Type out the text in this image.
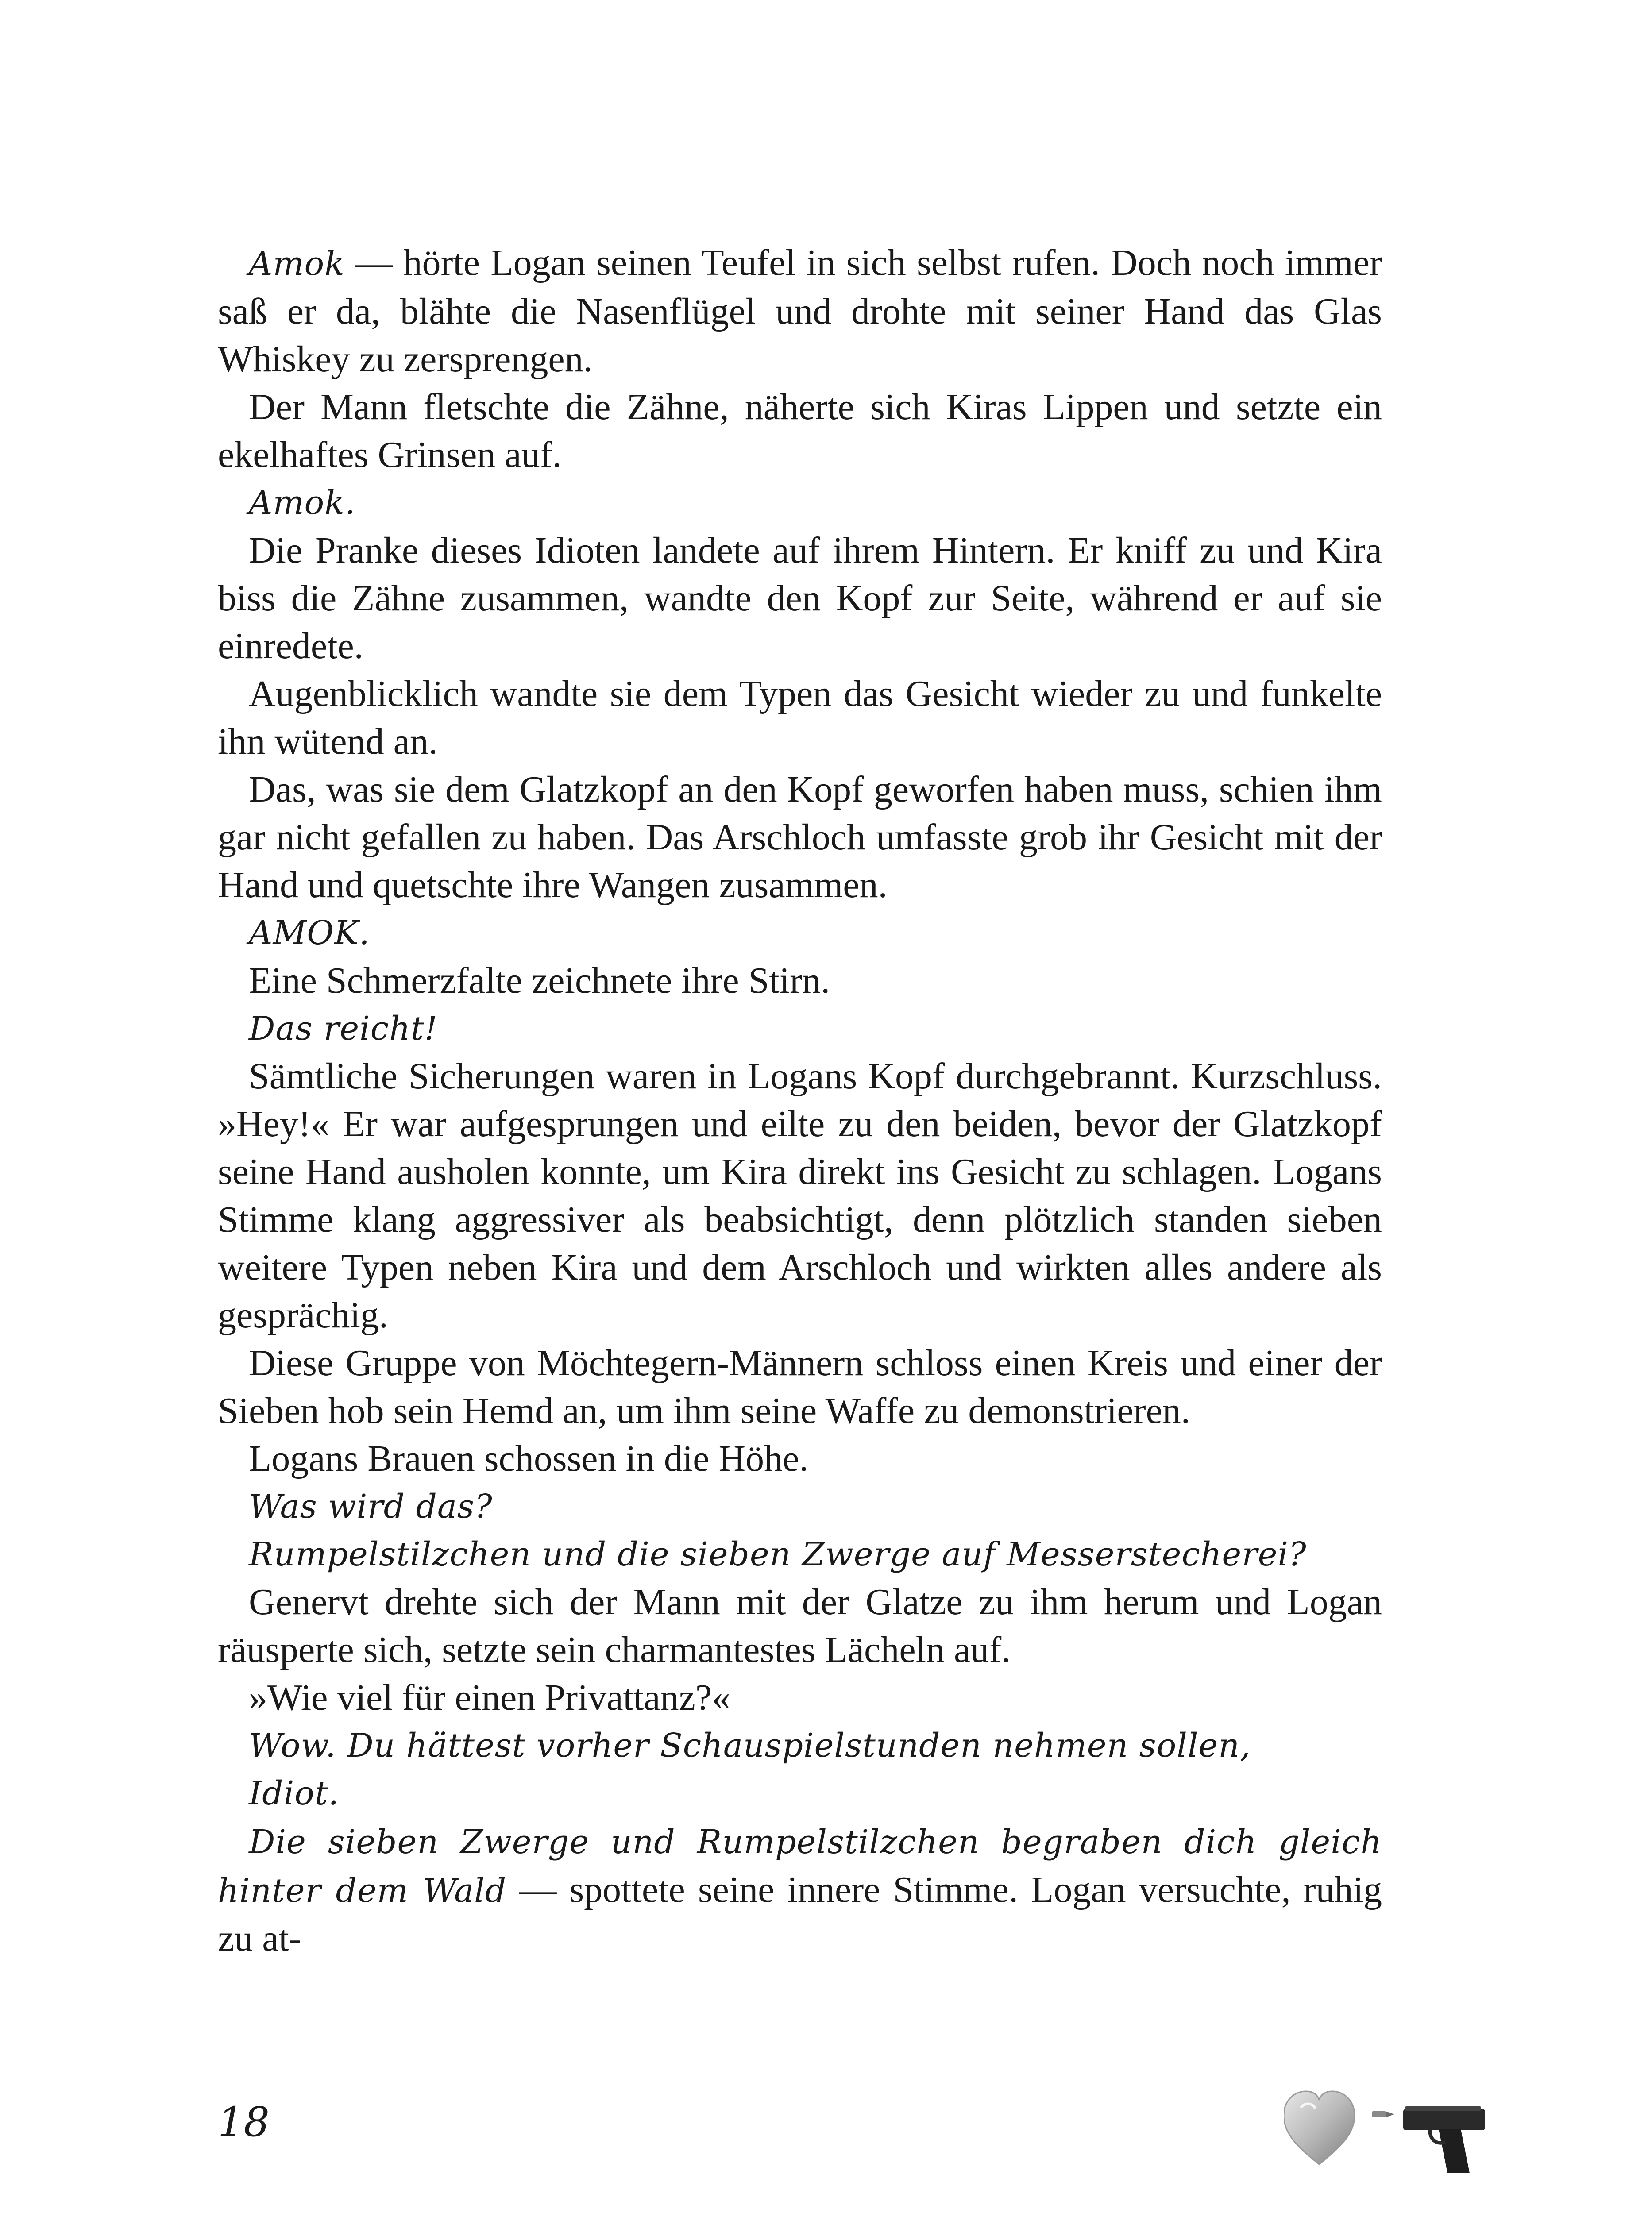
Amok — hörte Logan seinen Teufel in sich selbst rufen. Doch noch immer saß er da, blähte die Nasenflügel und drohte mit seiner Hand das Glas Whiskey zu zersprengen.

Der Mann fletschte die Zähne, näherte sich Kiras Lippen und setzte ein ekelhaftes Grinsen auf.

Amok.

Die Pranke dieses Idioten landete auf ihrem Hintern. Er kniff zu und Kira biss die Zähne zusammen, wandte den Kopf zur Seite, während er auf sie einredete.

Augenblicklich wandte sie dem Typen das Gesicht wieder zu und funkelte ihn wütend an.

Das, was sie dem Glatzkopf an den Kopf geworfen haben muss, schien ihm gar nicht gefallen zu haben. Das Arschloch umfasste grob ihr Gesicht mit der Hand und quetschte ihre Wangen zusammen.

AMOK.

Eine Schmerzfalte zeichnete ihre Stirn.

Das reicht!

Sämtliche Sicherungen waren in Logans Kopf durchgebrannt. Kurzschluss. »Hey!« Er war aufgesprungen und eilte zu den beiden, bevor der Glatzkopf seine Hand ausholen konnte, um Kira direkt ins Gesicht zu schlagen. Logans Stimme klang aggressiver als beabsichtigt, denn plötzlich standen sieben weitere Typen neben Kira und dem Arschloch und wirkten alles andere als gesprächig.

Diese Gruppe von Möchtegern-Männern schloss einen Kreis und einer der Sieben hob sein Hemd an, um ihm seine Waffe zu demonstrieren.

Logans Brauen schossen in die Höhe.

Was wird das?

Rumpelstilzchen und die sieben Zwerge auf Messerstecherei?

Genervt drehte sich der Mann mit der Glatze zu ihm herum und Logan räusperte sich, setzte sein charmantestes Lächeln auf.

»Wie viel für einen Privattanz?«

Wow. Du hättest vorher Schauspielstunden nehmen sollen,

Idiot.

Die sieben Zwerge und Rumpelstilzchen begraben dich gleich hinter dem Wald — spottete seine innere Stimme. Logan versuchte, ruhig zu at-

18
